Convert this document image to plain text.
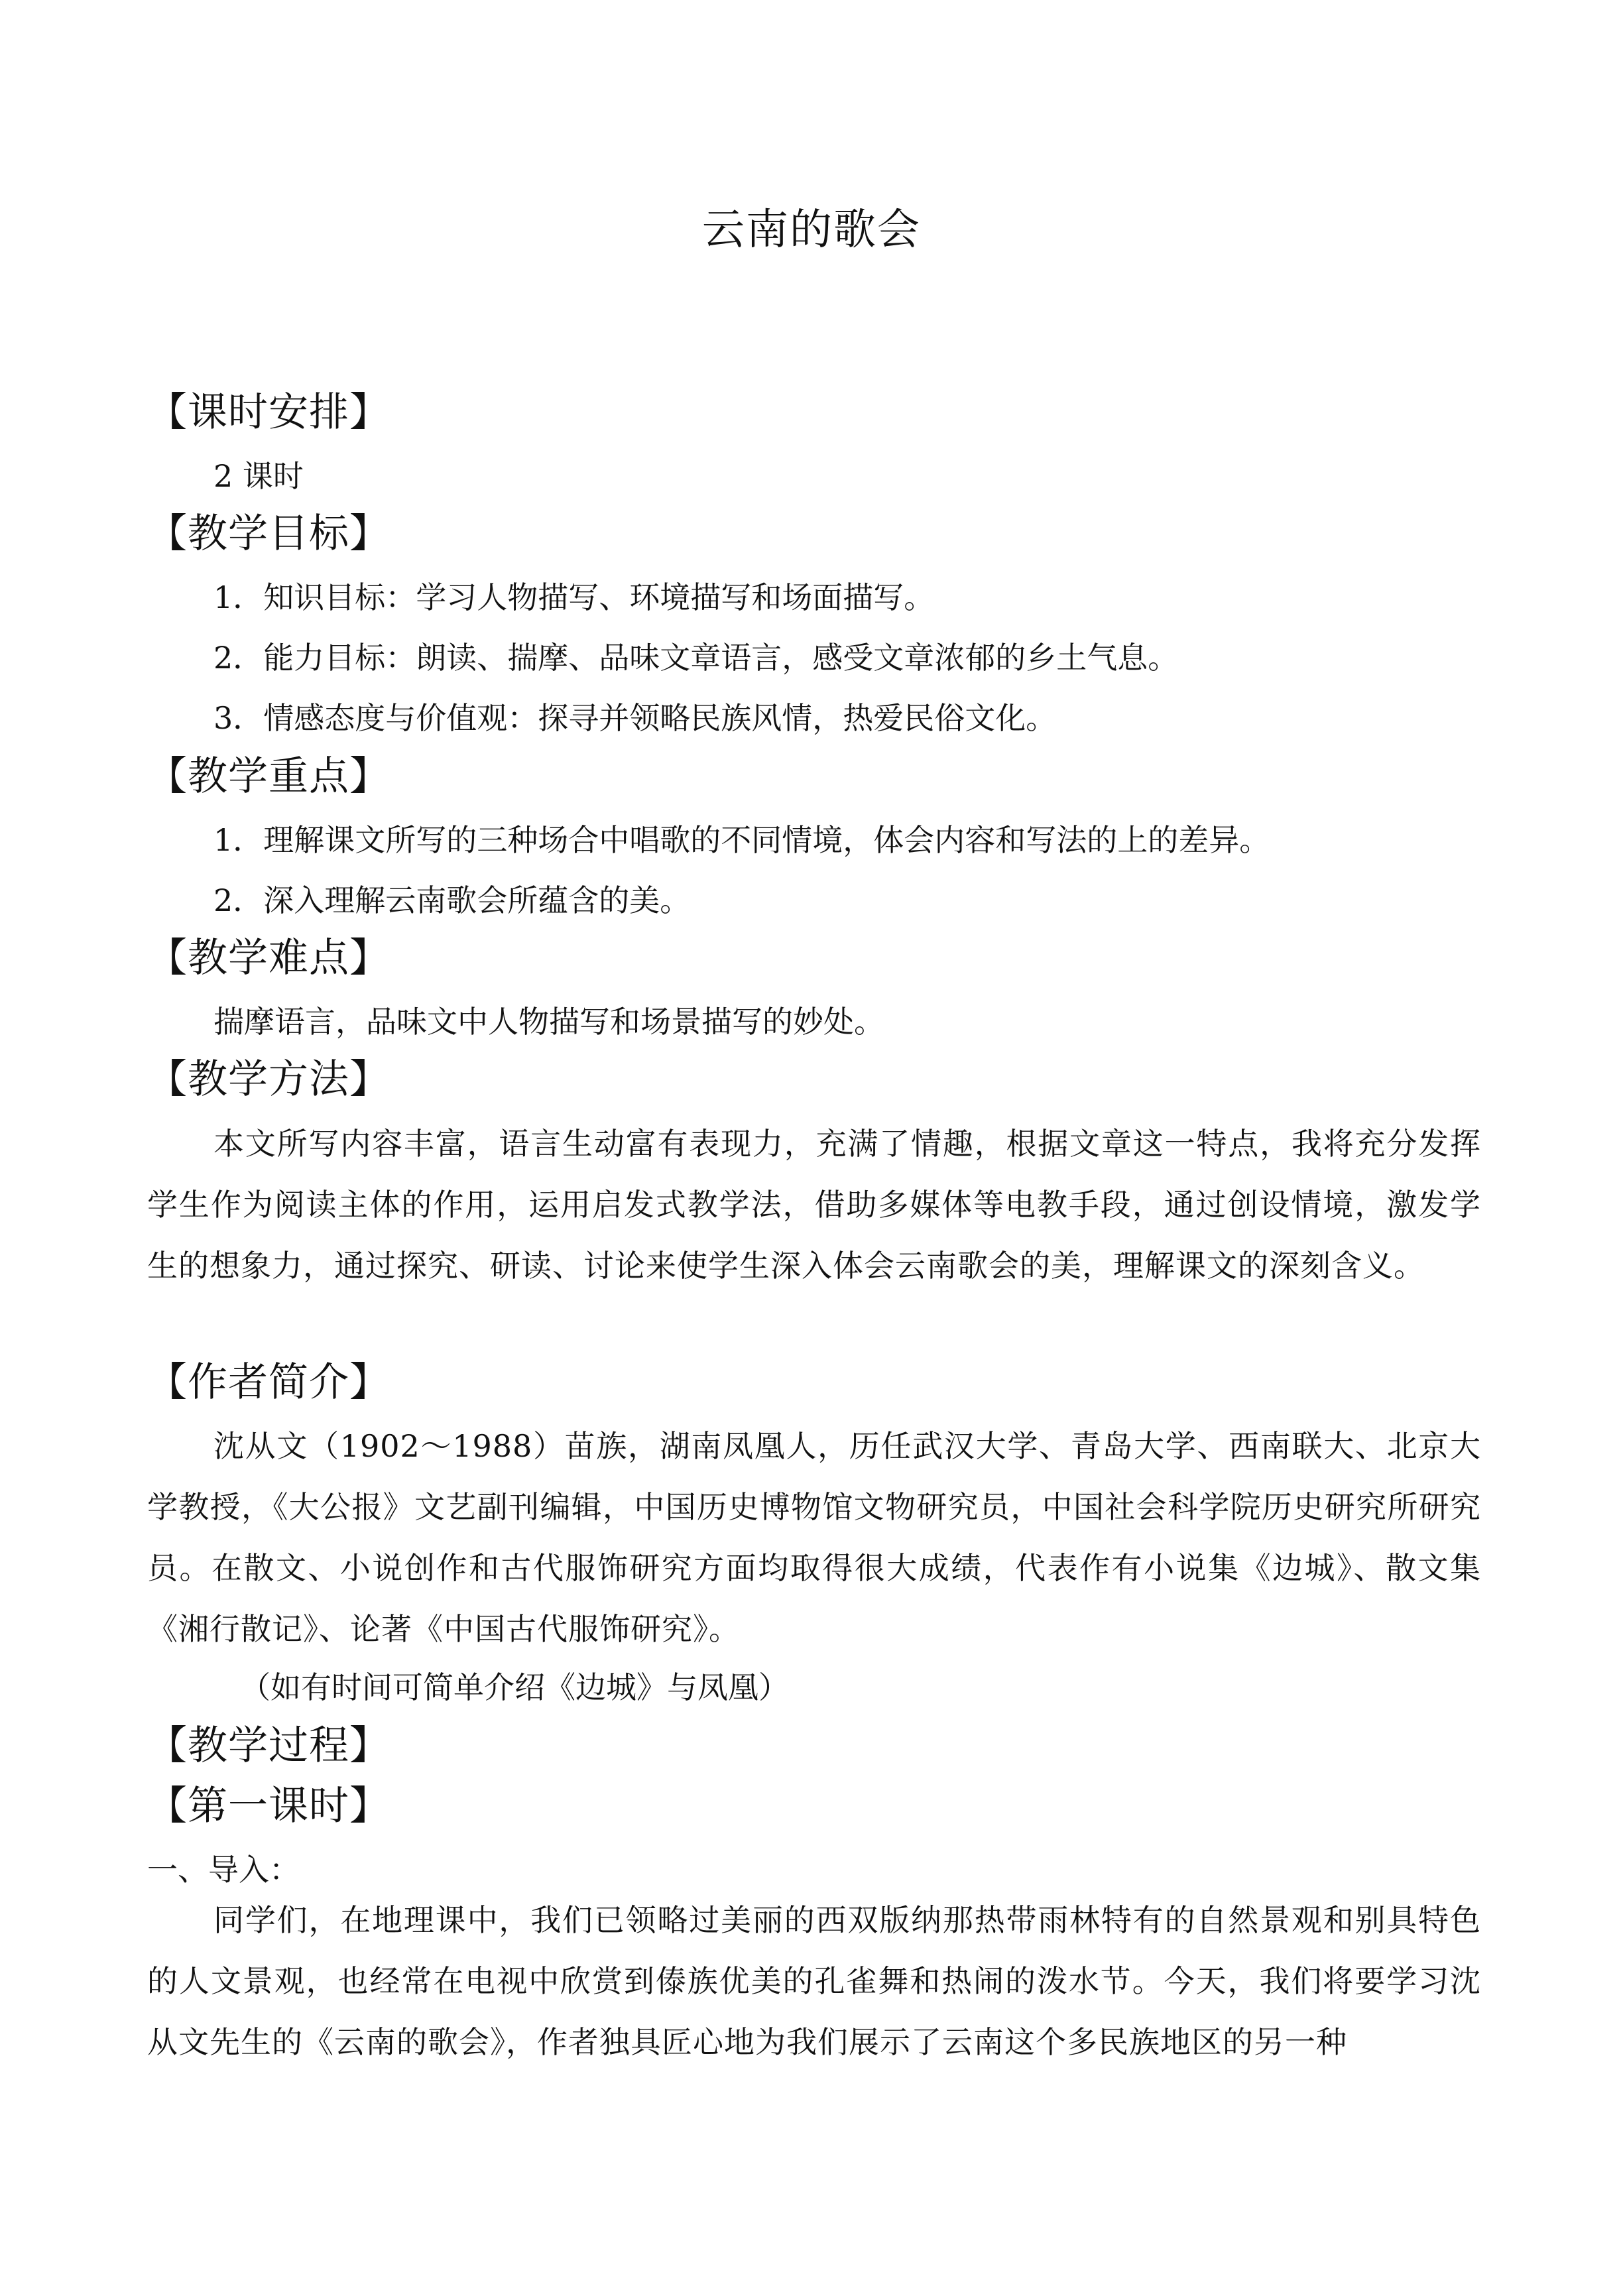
云南的歌会
【课时安排】
2 课时
【教学目标】
1．知识目标：学习人物描写、环境描写和场面描写。
2．能力目标：朗读、揣摩、品味文章语言，感受文章浓郁的乡土气息。
3．情感态度与价值观：探寻并领略民族风情，热爱民俗文化。
【教学重点】
1．理解课文所写的三种场合中唱歌的不同情境，体会内容和写法的上的差异。
2．深入理解云南歌会所蕴含的美。
【教学难点】
揣摩语言，品味文中人物描写和场景描写的妙处。
【教学方法】
本文所写内容丰富，语言生动富有表现力，充满了情趣，根据文章这一特点，我将充分发挥学生作为阅读主体的作用，运用启发式教学法，借助多媒体等电教手段，通过创设情境，激发学生的想象力，通过探究、研读、讨论来使学生深入体会云南歌会的美，理解课文的深刻含义。
【作者简介】
沈从文（1902～1988）苗族，湖南凤凰人，历任武汉大学、青岛大学、西南联大、北京大学教授，《大公报》文艺副刊编辑，中国历史博物馆文物研究员，中国社会科学院历史研究所研究员。在散文、小说创作和古代服饰研究方面均取得很大成绩，代表作有小说集《边城》、散文集《湘行散记》、论著《中国古代服饰研究》。
（如有时间可简单介绍《边城》与凤凰）
【教学过程】
【第一课时】
一、导入：
同学们，在地理课中，我们已领略过美丽的西双版纳那热带雨林特有的自然景观和别具特色的人文景观，也经常在电视中欣赏到傣族优美的孔雀舞和热闹的泼水节。今天，我们将要学习沈从文先生的《云南的歌会》，作者独具匠心地为我们展示了云南这个多民族地区的另一种
